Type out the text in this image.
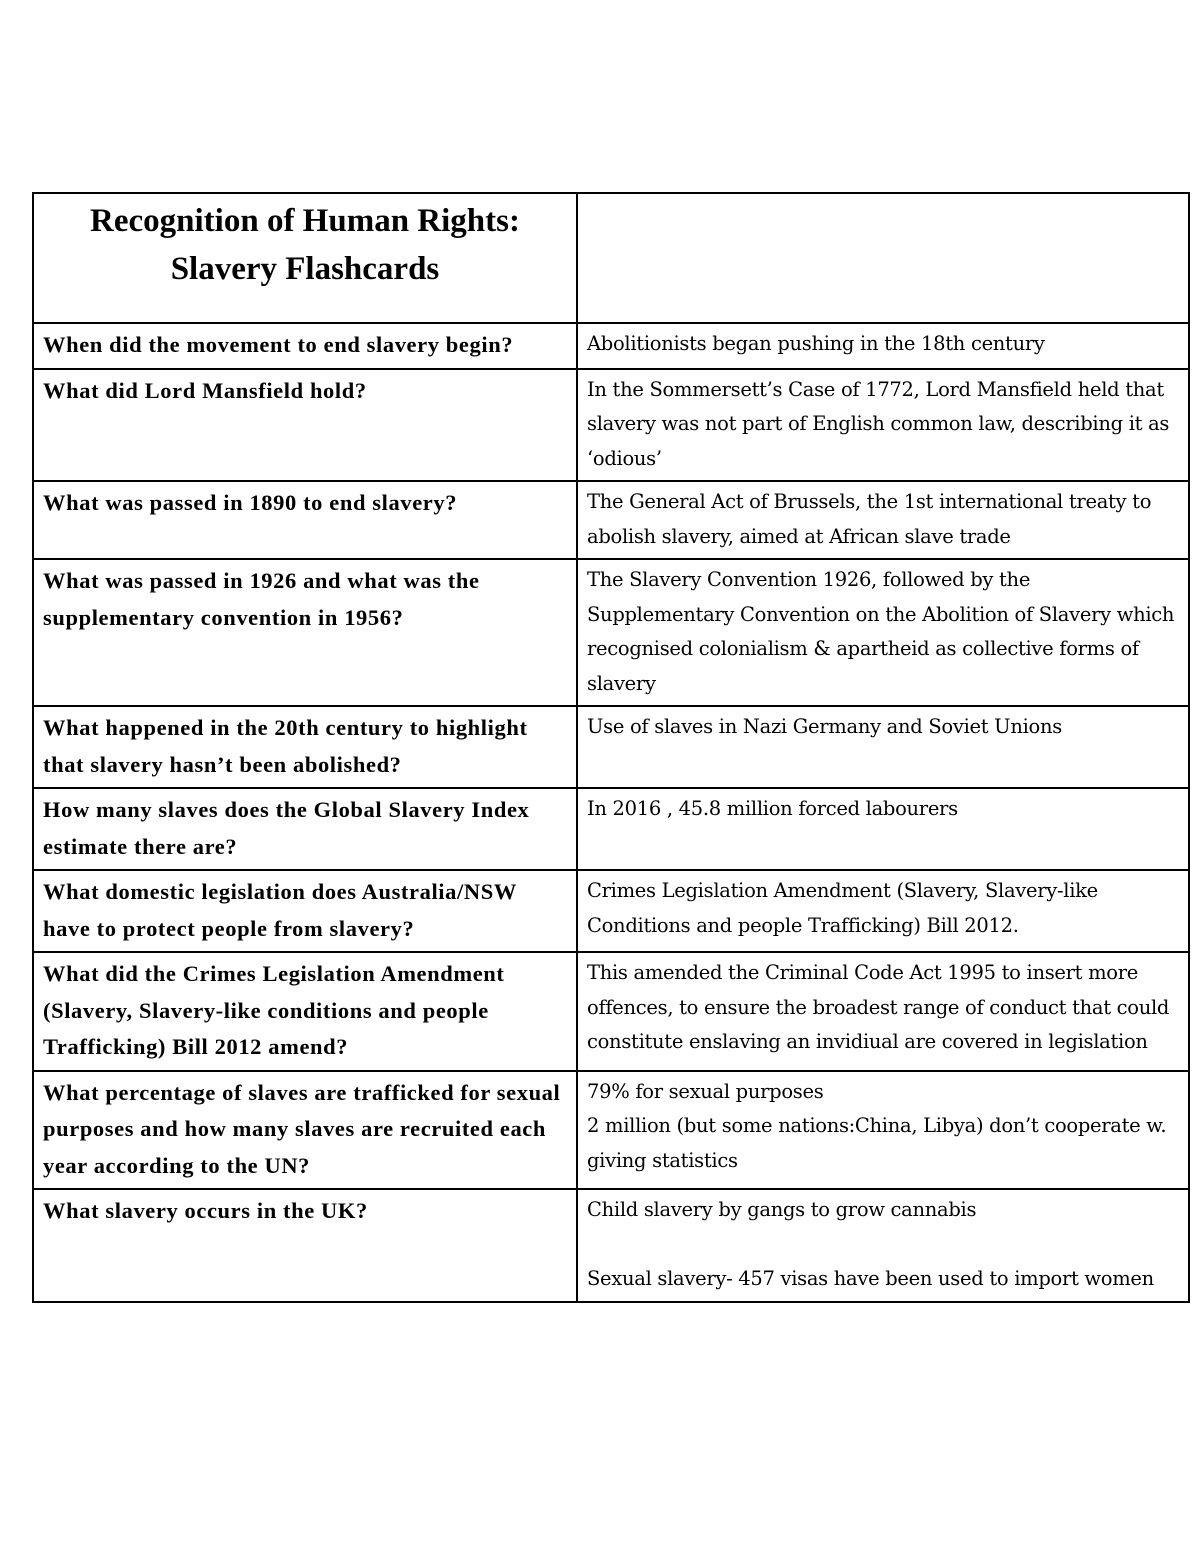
Recognition of Human Rights:
Slavery Flashcards	

When did the movement to end slavery begin?	Abolitionists began pushing in the 18th century

What did Lord Mansfield hold?	In the Sommersett’s Case of 1772, Lord Mansfield held that slavery was not part of English common law, describing it as ‘odious’

What was passed in 1890 to end slavery?	The General Act of Brussels, the 1st international treaty to abolish slavery, aimed at African slave trade

What was passed in 1926 and what was the supplementary convention in 1956?	The Slavery Convention 1926, followed by the Supplementary Convention on the Abolition of Slavery which recognised colonialism & apartheid as collective forms of slavery

What happened in the 20th century to highlight that slavery hasn’t been abolished?	Use of slaves in Nazi Germany and Soviet Unions

How many slaves does the Global Slavery Index estimate there are?	In 2016 , 45.8 million forced labourers

What domestic legislation does Australia/NSW have to protect people from slavery?	Crimes Legislation Amendment (Slavery, Slavery-like Conditions and people Trafficking) Bill 2012.

What did the Crimes Legislation Amendment (Slavery, Slavery-like conditions and people Trafficking) Bill 2012 amend?	This amended the Criminal Code Act 1995 to insert more offences, to ensure the broadest range of conduct that could constitute enslaving an invidiual are covered in legislation

What percentage of slaves are trafficked for sexual purposes and how many slaves are recruited each year according to the UN?	79% for sexual purposes
2 million (but some nations:China, Libya) don’t cooperate w. giving statistics

What slavery occurs in the UK?	Child slavery by gangs to grow cannabis
Sexual slavery- 457 visas have been used to import women
